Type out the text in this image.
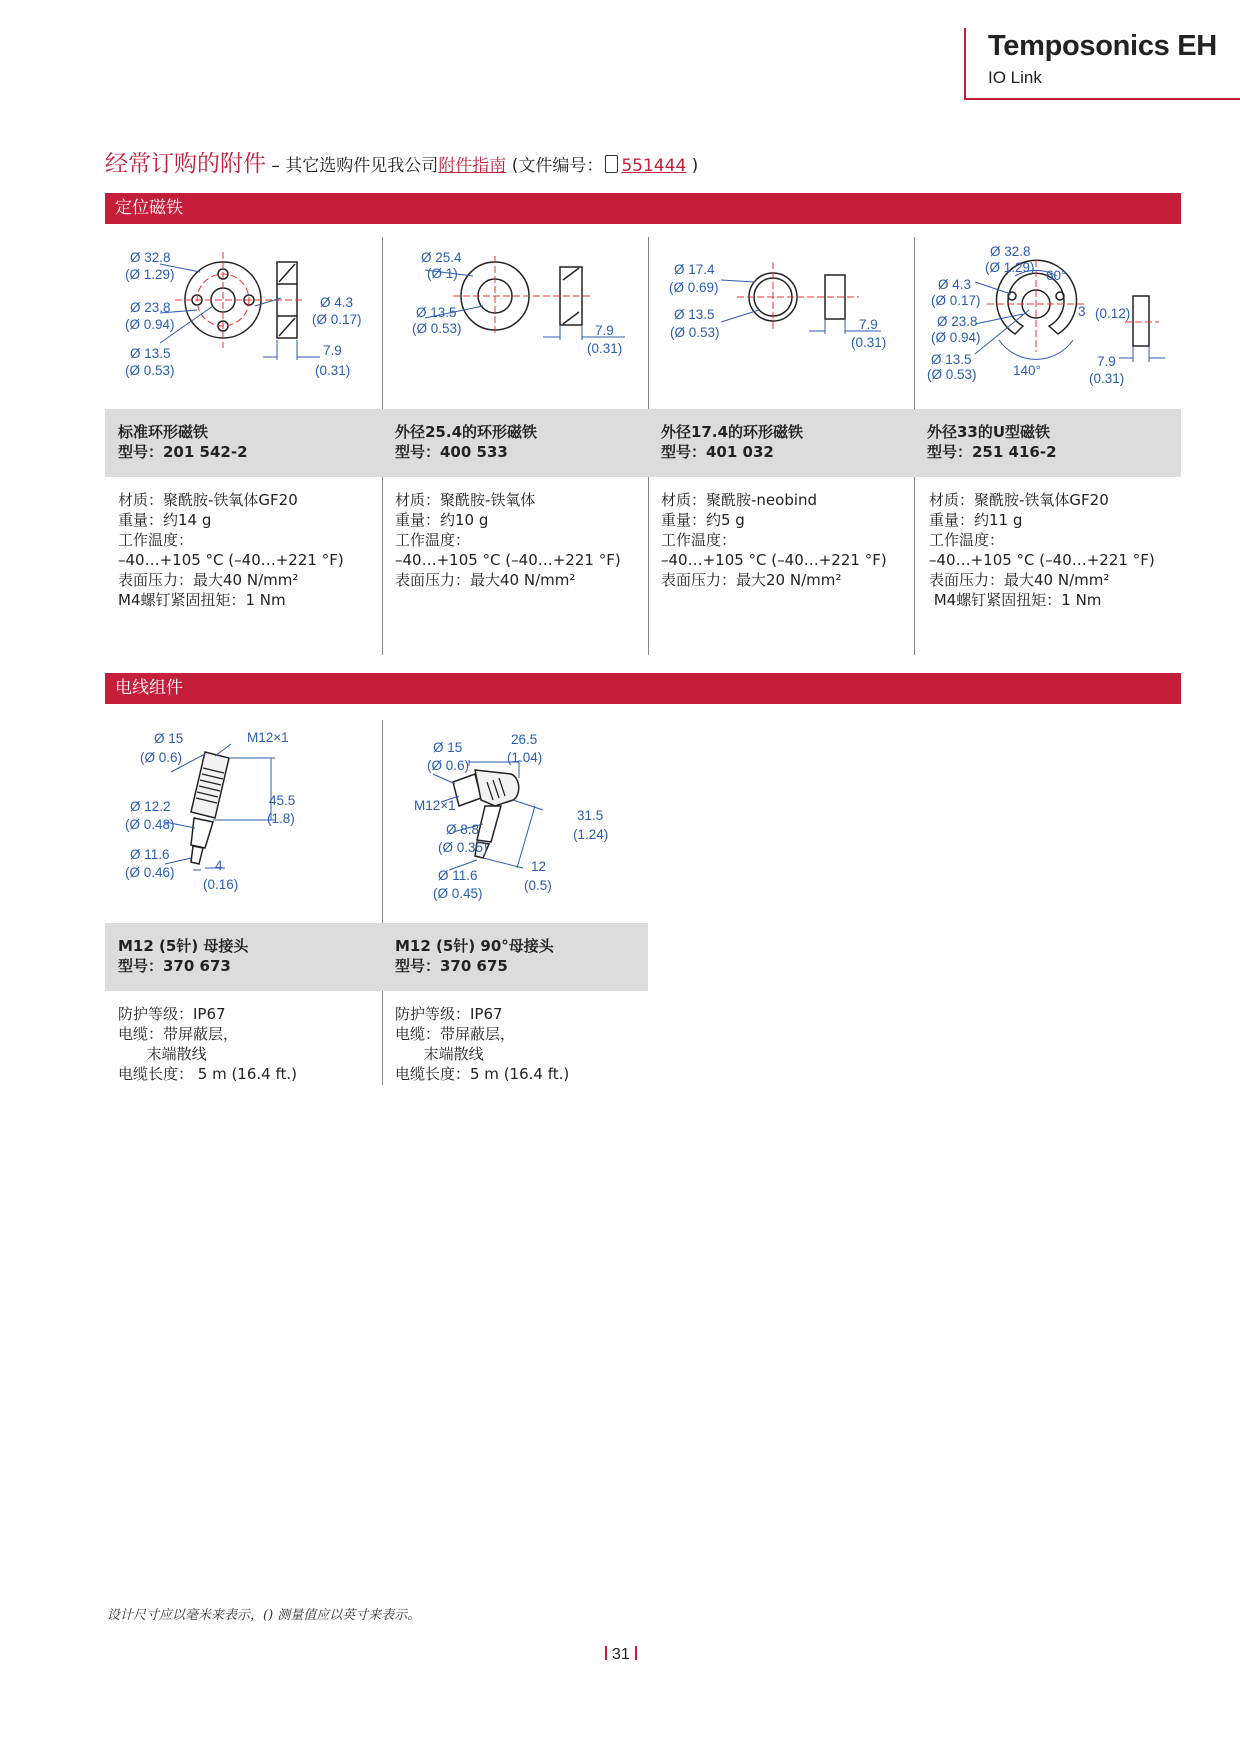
Temposonics EH
IO Link
经常订购的附件 – 其它选购件见我公司附件指南 (文件编号： 551444 )
定位磁铁
Ø 32.8
(Ø 1.29)
Ø 23.8
(Ø 0.94)
Ø 13.5
(Ø 0.53)
Ø 4.3
(Ø 0.17)
7.9
(0.31)
Ø 25.4
(Ø 1)
Ø 13.5
(Ø 0.53)	7.9
(0.31)
Ø 17.4
(Ø 0.69)
Ø 13.5
(Ø 0.53)
7.9
(0.31)
Ø 32.8
(Ø 1.29)
Ø 4.3
(Ø 0.17)
Ø 23.8
(Ø 0.94)
60°
3 (0.12)
Ø 13.5
(Ø 0.53)	140°
7.9
(0.31)
标准环形磁铁
型号：201 542-2
外径25.4的环形磁铁
型号：400 533
外径17.4的环形磁铁
型号：401 032
外径33的U型磁铁
型号：251 416-2
材质：聚酰胺-铁氧体GF20
重量：约14 g
工作温度：
–40…+105 °C (–40…+221 °F)
表面压力：最大40 N/mm²
M4螺钉紧固扭矩：1 Nm
材质：聚酰胺-铁氧体
重量：约10 g
工作温度：
–40…+105 °C (–40…+221 °F)
表面压力：最大40 N/mm²
材质：聚酰胺-neobind
重量：约5 g
工作温度：
–40…+105 °C (–40…+221 °F)
表面压力：最大20 N/mm²
材质：聚酰胺-铁氧体GF20
重量：约11 g
工作温度：
–40…+105 °C (–40…+221 °F)
表面压力：最大40 N/mm²
M4螺钉紧固扭矩：1 Nm
电线组件
Ø 15
(Ø 0.6)
M12×1
45.5
(1.8)
Ø 12.2
(Ø 0.48)
Ø 11.6
(Ø 0.46)	4
(0.16)
Ø 15
(Ø 0.6)
26.5
(1.04)
M12×1
31.5
(1.24)
Ø 8.8
(Ø 0.35)
Ø 11.6
(Ø 0.45)
12
(0.5)
M12 (5针) 母接头
型号：370 673
M12 (5针) 90°母接头
型号：370 675
防护等级：IP67
电缆：带屏蔽层，
末端散线
电缆长度： 5 m (16.4 ft.)
防护等级：IP67
电缆：带屏蔽层，
末端散线
电缆长度：5 m (16.4 ft.)
设计尺寸应以毫米来表示，() 测量值应以英寸来表示。
31
